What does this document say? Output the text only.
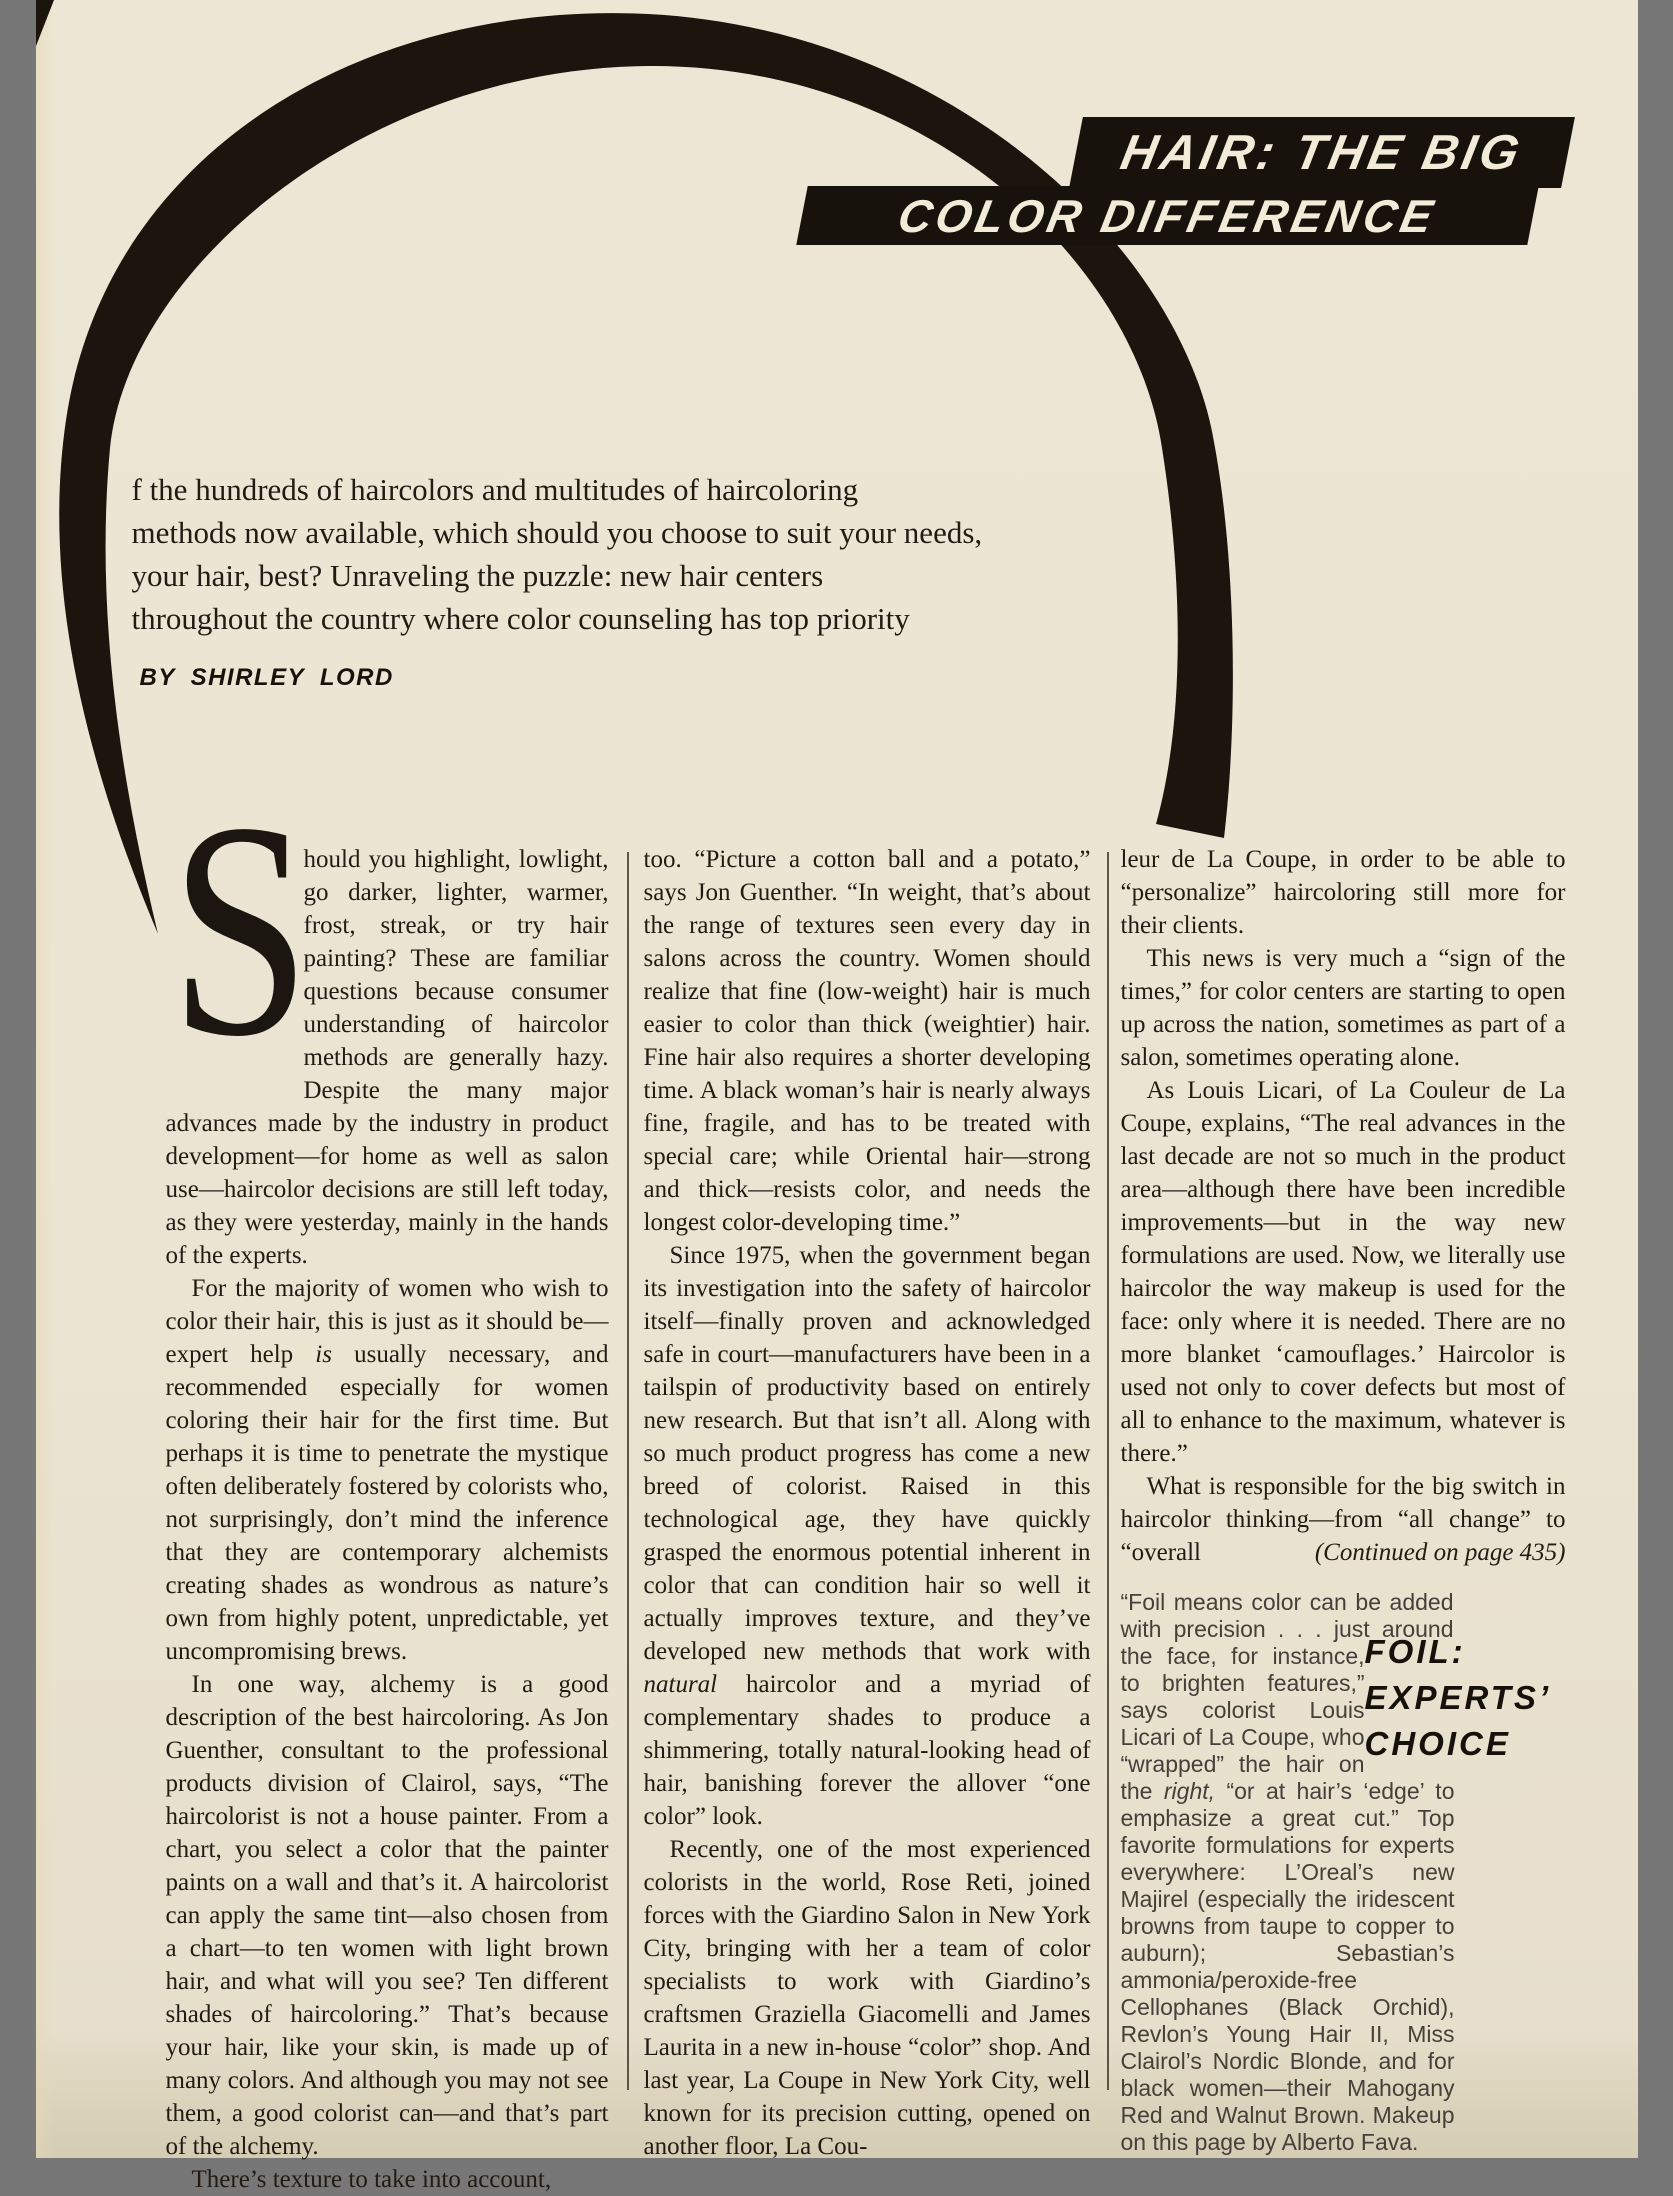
HAIR: THE BIG
COLOR DIFFERENCE
f the hundreds of haircolors and multitudes of haircoloring
methods now available, which should you choose to suit your needs,
your hair, best? Unraveling the puzzle: new hair centers
throughout the country where color counseling has top priority
BY SHIRLEY LORD
S

hould you highlight, lowlight, go darker, lighter, warmer, frost, streak, or try hair painting? These are familiar questions because consumer understanding of haircolor methods are generally hazy. Despite the many major advances made by the industry in product development—for home as well as salon use—haircolor decisions are still left today, as they were yesterday, mainly in the hands of the experts.

For the majority of women who wish to color their hair, this is just as it should be—expert help is usually necessary, and recommended especially for women coloring their hair for the first time. But perhaps it is time to penetrate the mystique often deliberately fostered by colorists who, not surprisingly, don’t mind the inference that they are contemporary alchemists creating shades as wondrous as nature’s own from highly potent, unpredictable, yet uncompromising brews.

In one way, alchemy is a good description of the best haircoloring. As Jon Guenther, consultant to the professional products division of Clairol, says, “The haircolorist is not a house painter. From a chart, you select a color that the painter paints on a wall and that’s it. A haircolorist can apply the same tint—also chosen from a chart—to ten women with light brown hair, and what will you see? Ten different shades of haircoloring.” That’s because your hair, like your skin, is made up of many colors. And although you may not see them, a good colorist can—and that’s part of the alchemy.

There’s texture to take into account,

too. “Picture a cotton ball and a potato,” says Jon Guenther. “In weight, that’s about the range of textures seen every day in salons across the country. Women should realize that fine (low-weight) hair is much easier to color than thick (weightier) hair. Fine hair also requires a shorter developing time. A black woman’s hair is nearly always fine, fragile, and has to be treated with special care; while Oriental hair—strong and thick—resists color, and needs the longest color-developing time.”

Since 1975, when the government began its investigation into the safety of haircolor itself—finally proven and acknowledged safe in court—manufacturers have been in a tailspin of productivity based on entirely new research. But that isn’t all. Along with so much product progress has come a new breed of colorist. Raised in this technological age, they have quickly grasped the enormous potential inherent in color that can condition hair so well it actually improves texture, and they’ve developed new methods that work with natural haircolor and a myriad of complementary shades to produce a shimmering, totally natural-looking head of hair, banishing forever the allover “one color” look.

Recently, one of the most experienced colorists in the world, Rose Reti, joined forces with the Giardino Salon in New York City, bringing with her a team of color specialists to work with Giardino’s craftsmen Graziella Giacomelli and James Laurita in a new in-house “color” shop. And last year, La Coupe in New York City, well known for its precision cutting, opened on another floor, La Cou-

leur de La Coupe, in order to be able to “personalize” haircoloring still more for their clients.

This news is very much a “sign of the times,” for color centers are starting to open up across the nation, sometimes as part of a salon, sometimes operating alone.

As Louis Licari, of La Couleur de La Coupe, explains, “The real advances in the last decade are not so much in the product area—although there have been incredible improvements—but in the way new formulations are used. Now, we literally use haircolor the way makeup is used for the face: only where it is needed. There are no more blanket ‘camouflages.’ Haircolor is used not only to cover defects but most of all to enhance to the maximum, whatever is there.”

What is responsible for the big switch in haircolor thinking—from “all change” to “overall	(Continued on page 435)

FOIL:
EXPERTS’
CHOICE
“Foil means color can be added with precision . . . just around the face, for instance, to brighten features,” says colorist Louis Licari of La Coupe, who “wrapped” the hair on the right, “or at hair’s ‘edge’ to emphasize a great cut.” Top favorite formulations for experts everywhere: L’Oreal’s new Majirel (especially the iridescent browns from taupe to copper to auburn); Sebastian’s ammonia/peroxide-free Cellophanes (Black Orchid), Revlon’s Young Hair II, Miss Clairol’s Nordic Blonde, and for black women—their Mahogany Red and Walnut Brown. Makeup on this page by Alberto Fava.
